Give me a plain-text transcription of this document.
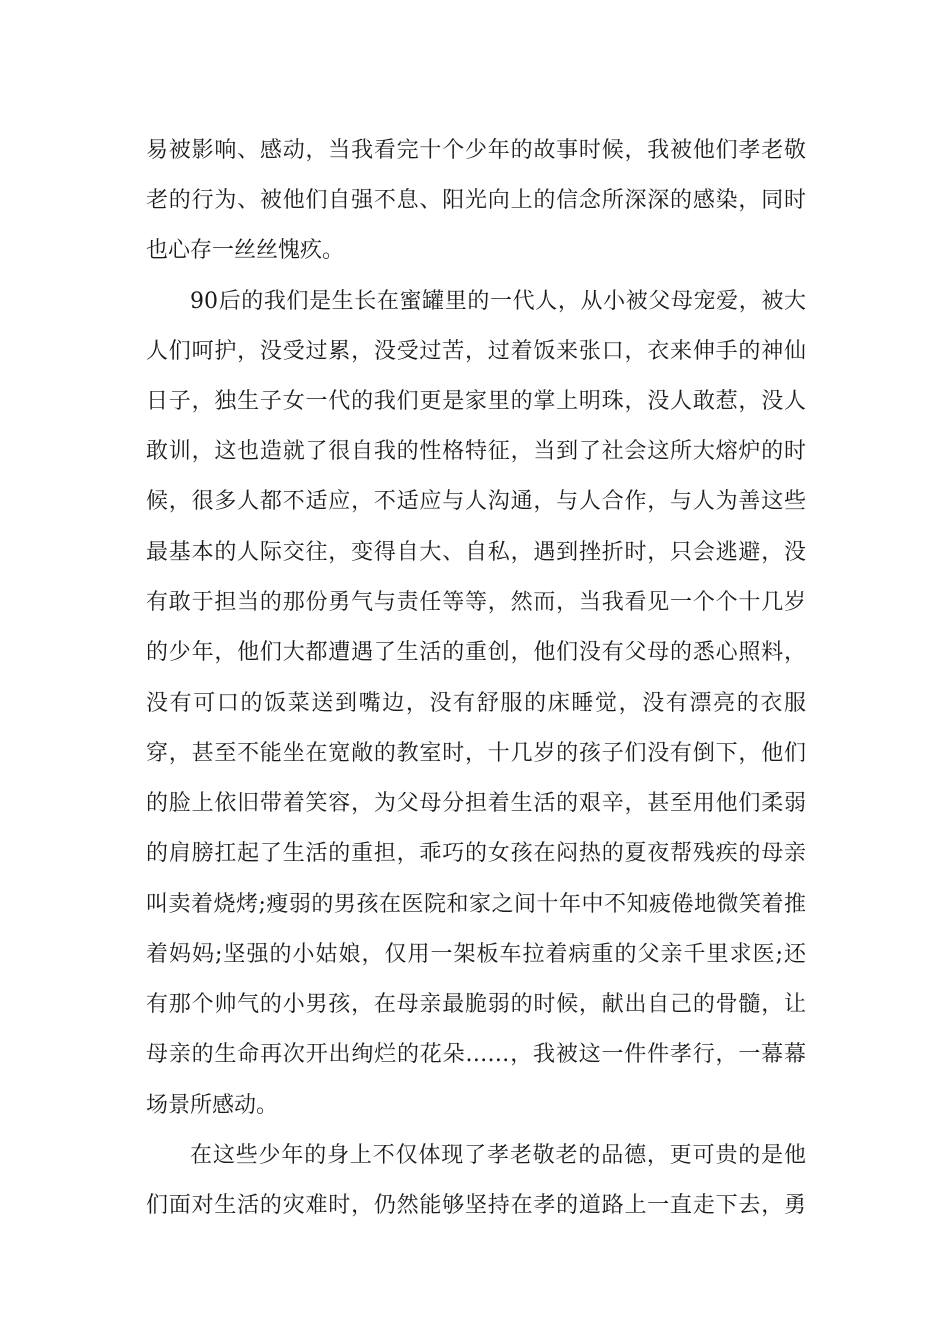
易被影响、感动，当我看完十个少年的故事时候，我被他们孝老敬
老的行为、被他们自强不息、阳光向上的信念所深深的感染，同时
也心存一丝丝愧疚。
90后的我们是生长在蜜罐里的一代人，从小被父母宠爱，被大
人们呵护，没受过累，没受过苦，过着饭来张口，衣来伸手的神仙
日子，独生子女一代的我们更是家里的掌上明珠，没人敢惹，没人
敢训，这也造就了很自我的性格特征，当到了社会这所大熔炉的时
候，很多人都不适应，不适应与人沟通，与人合作，与人为善这些
最基本的人际交往，变得自大、自私，遇到挫折时，只会逃避，没
有敢于担当的那份勇气与责任等等，然而，当我看见一个个十几岁
的少年，他们大都遭遇了生活的重创，他们没有父母的悉心照料，
没有可口的饭菜送到嘴边，没有舒服的床睡觉，没有漂亮的衣服
穿，甚至不能坐在宽敞的教室时，十几岁的孩子们没有倒下，他们
的脸上依旧带着笑容，为父母分担着生活的艰辛，甚至用他们柔弱
的肩膀扛起了生活的重担，乖巧的女孩在闷热的夏夜帮残疾的母亲
叫卖着烧烤;瘦弱的男孩在医院和家之间十年中不知疲倦地微笑着推
着妈妈;坚强的小姑娘，仅用一架板车拉着病重的父亲千里求医;还
有那个帅气的小男孩，在母亲最脆弱的时候，献出自己的骨髓，让
母亲的生命再次开出绚烂的花朵……，我被这一件件孝行，一幕幕
场景所感动。
在这些少年的身上不仅体现了孝老敬老的品德，更可贵的是他
们面对生活的灾难时，仍然能够坚持在孝的道路上一直走下去，勇
